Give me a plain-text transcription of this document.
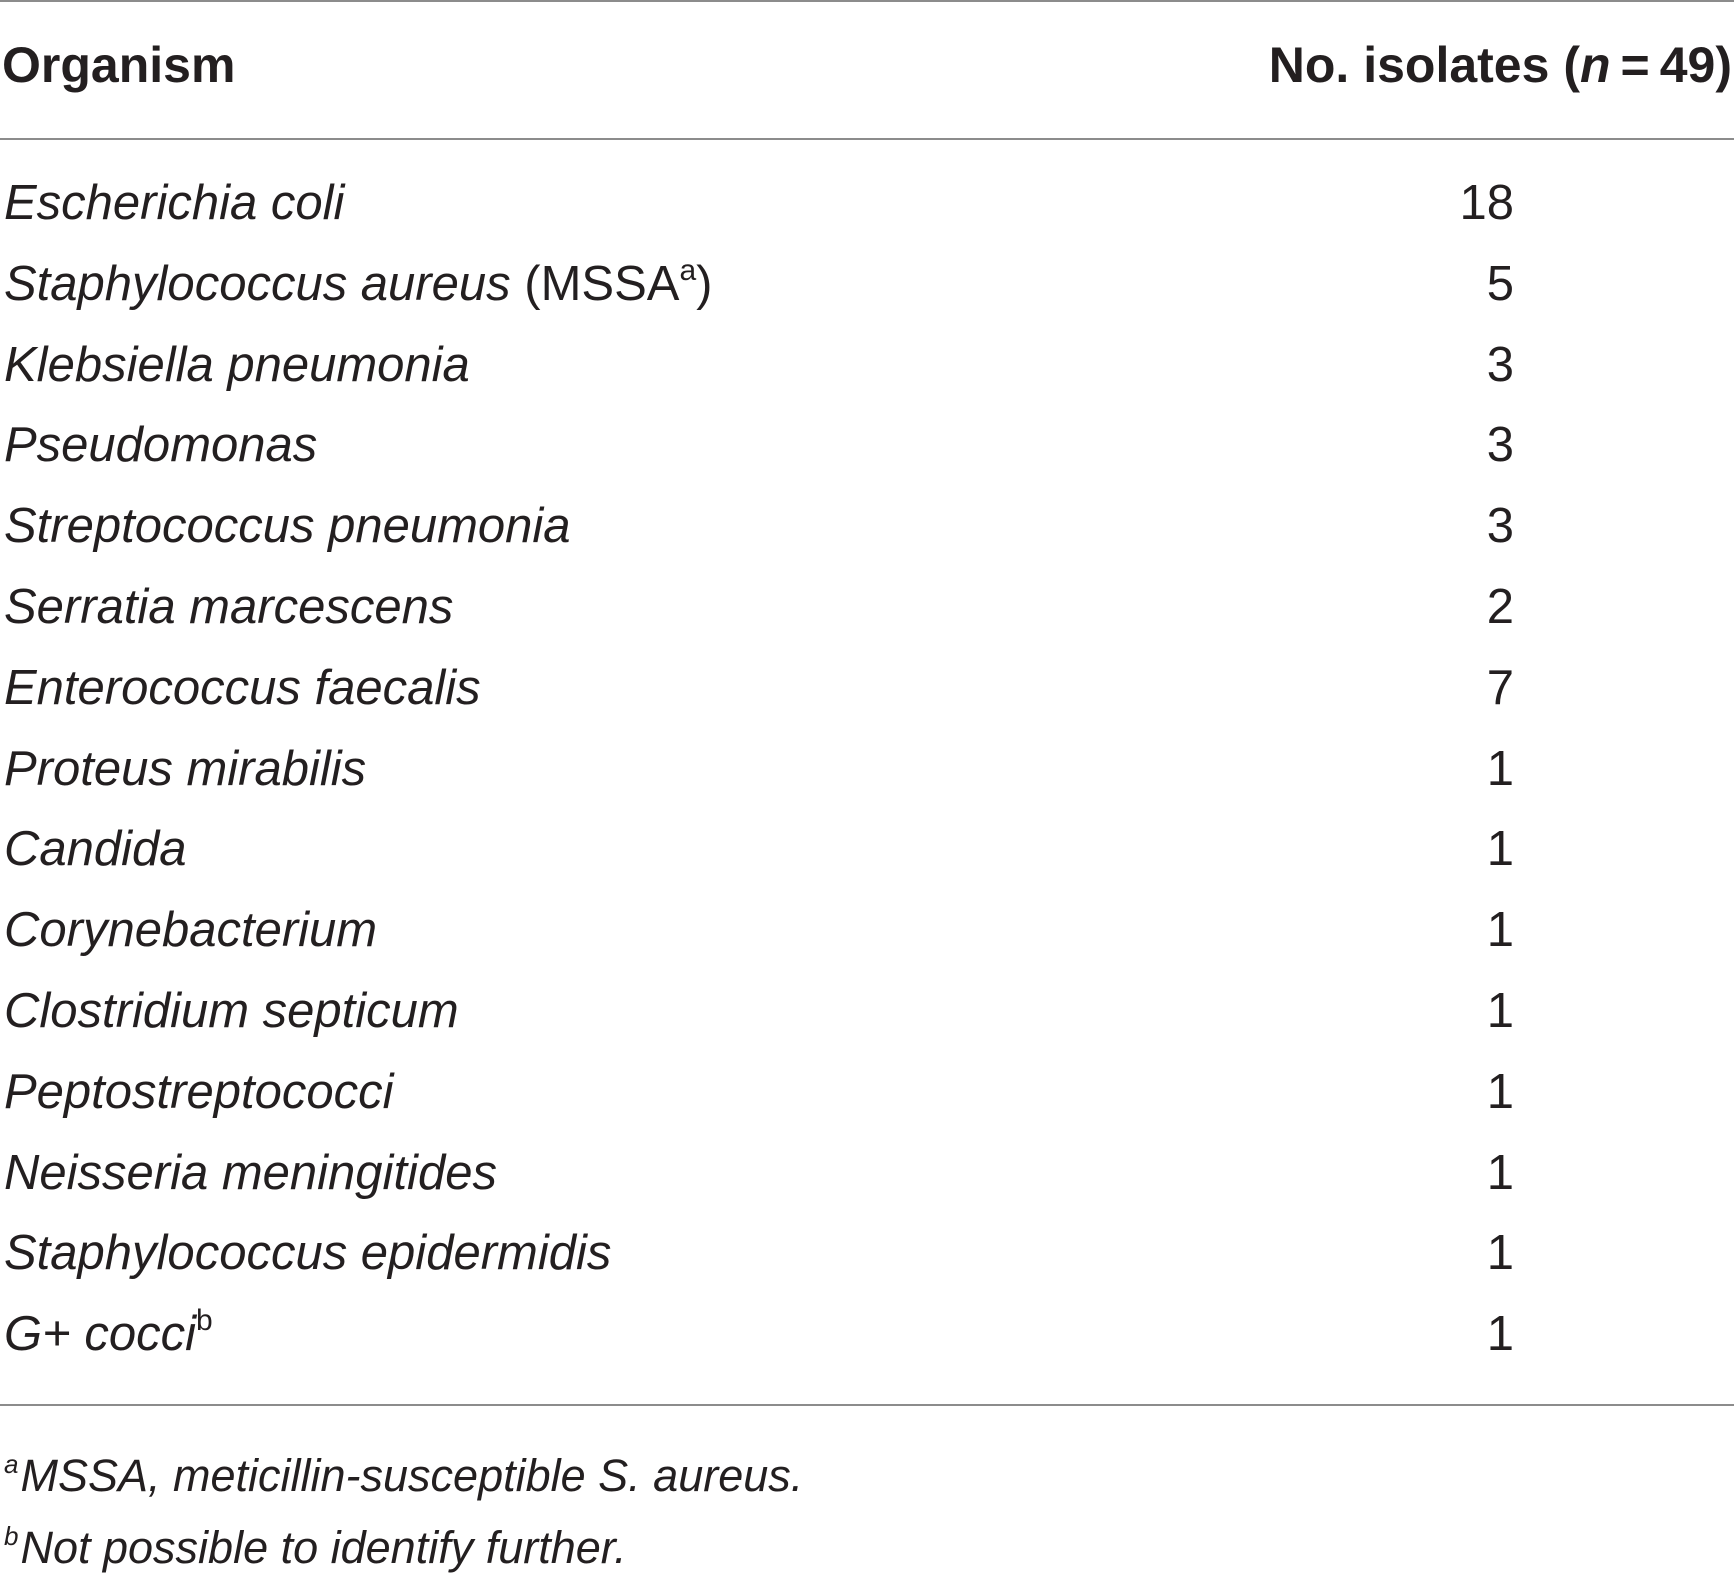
Organism	No. isolates (n = 49)
Escherichia coli	18
Staphylococcus aureus (MSSA$^a$)	5
Klebsiella pneumonia	3
Pseudomonas	3
Streptococcus pneumonia	3
Serratia marcescens	2
Enterococcus faecalis	7
Proteus mirabilis	1
Candida	1
Corynebacterium	1
Clostridium septicum	1
Peptostreptococci	1
Neisseria meningitides	1
Staphylococcus epidermidis	1
G+ cocci$^b$	1
$^a$MSSA, meticillin-susceptible S. aureus.
$^b$Not possible to identify further.
